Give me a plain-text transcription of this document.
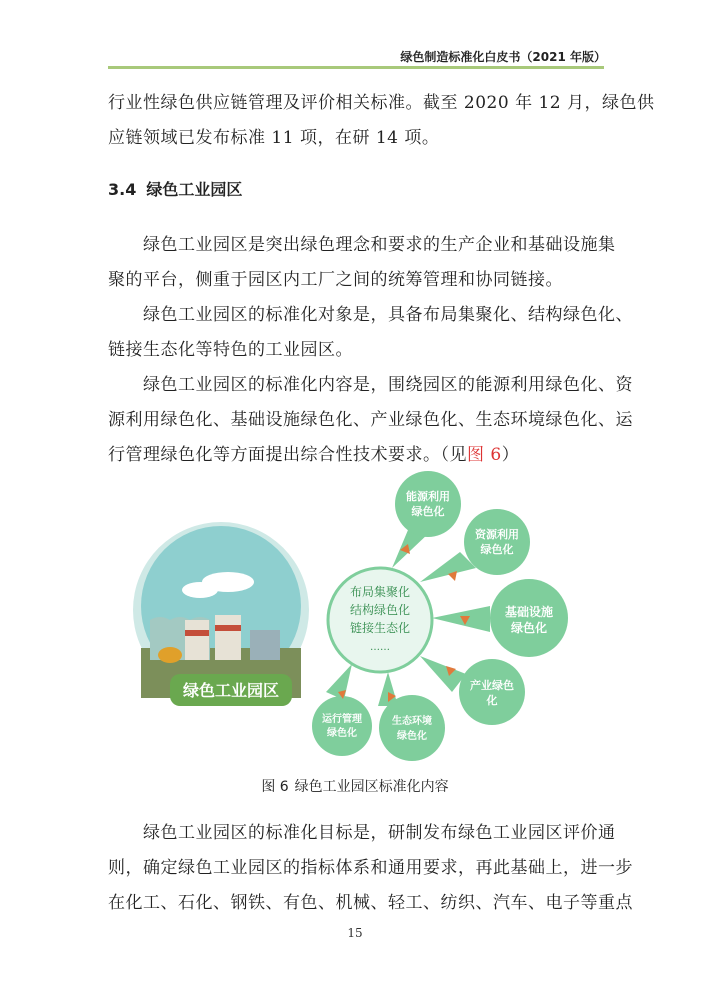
绿色制造标准化白皮书（2021 年版）
行业性绿色供应链管理及评价相关标准。截至 2020 年 12 月，绿色供
应链领域已发布标准 11 项，在研 14 项。
3.4 绿色工业园区
　　绿色工业园区是突出绿色理念和要求的生产企业和基础设施集
聚的平台，侧重于园区内工厂之间的统筹管理和协同链接。
　　绿色工业园区的标准化对象是，具备布局集聚化、结构绿色化、
链接生态化等特色的工业园区。
　　绿色工业园区的标准化内容是，围绕园区的能源利用绿色化、资
源利用绿色化、基础设施绿色化、产业绿色化、生态环境绿色化、运
行管理绿色化等方面提出综合性技术要求。（见图 6）
绿色工业园区
布局集聚化
结构绿色化
链接生态化
……
能源利用
绿色化
资源利用
绿色化
基础设施
绿色化
产业绿色
化
生态环境
绿色化
运行管理
绿色化
图 6 绿色工业园区标准化内容
　　绿色工业园区的标准化目标是，研制发布绿色工业园区评价通
则，确定绿色工业园区的指标体系和通用要求，再此基础上，进一步
在化工、石化、钢铁、有色、机械、轻工、纺织、汽车、电子等重点
15
